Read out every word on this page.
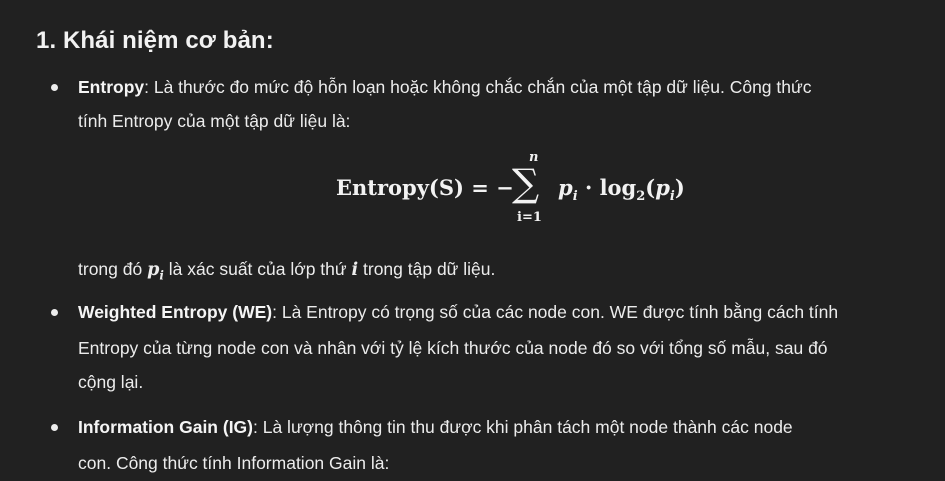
1. Khái niệm cơ bản:

Entropy: Là thước đo mức độ hỗn loạn hoặc không chắc chắn của một tập dữ liệu. Công thức

tính Entropy của một tập dữ liệu là:

Entropy(S) = −
n
∑
i=1
$p_i \cdot \log_2(p_i)$

trong đó $p_i$ là xác suất của lớp thứ i trong tập dữ liệu.

Weighted Entropy (WE): Là Entropy có trọng số của các node con. WE được tính bằng cách tính

Entropy của từng node con và nhân với tỷ lệ kích thước của node đó so với tổng số mẫu, sau đó

cộng lại.

Information Gain (IG): Là lượng thông tin thu được khi phân tách một node thành các node

con. Công thức tính Information Gain là:
